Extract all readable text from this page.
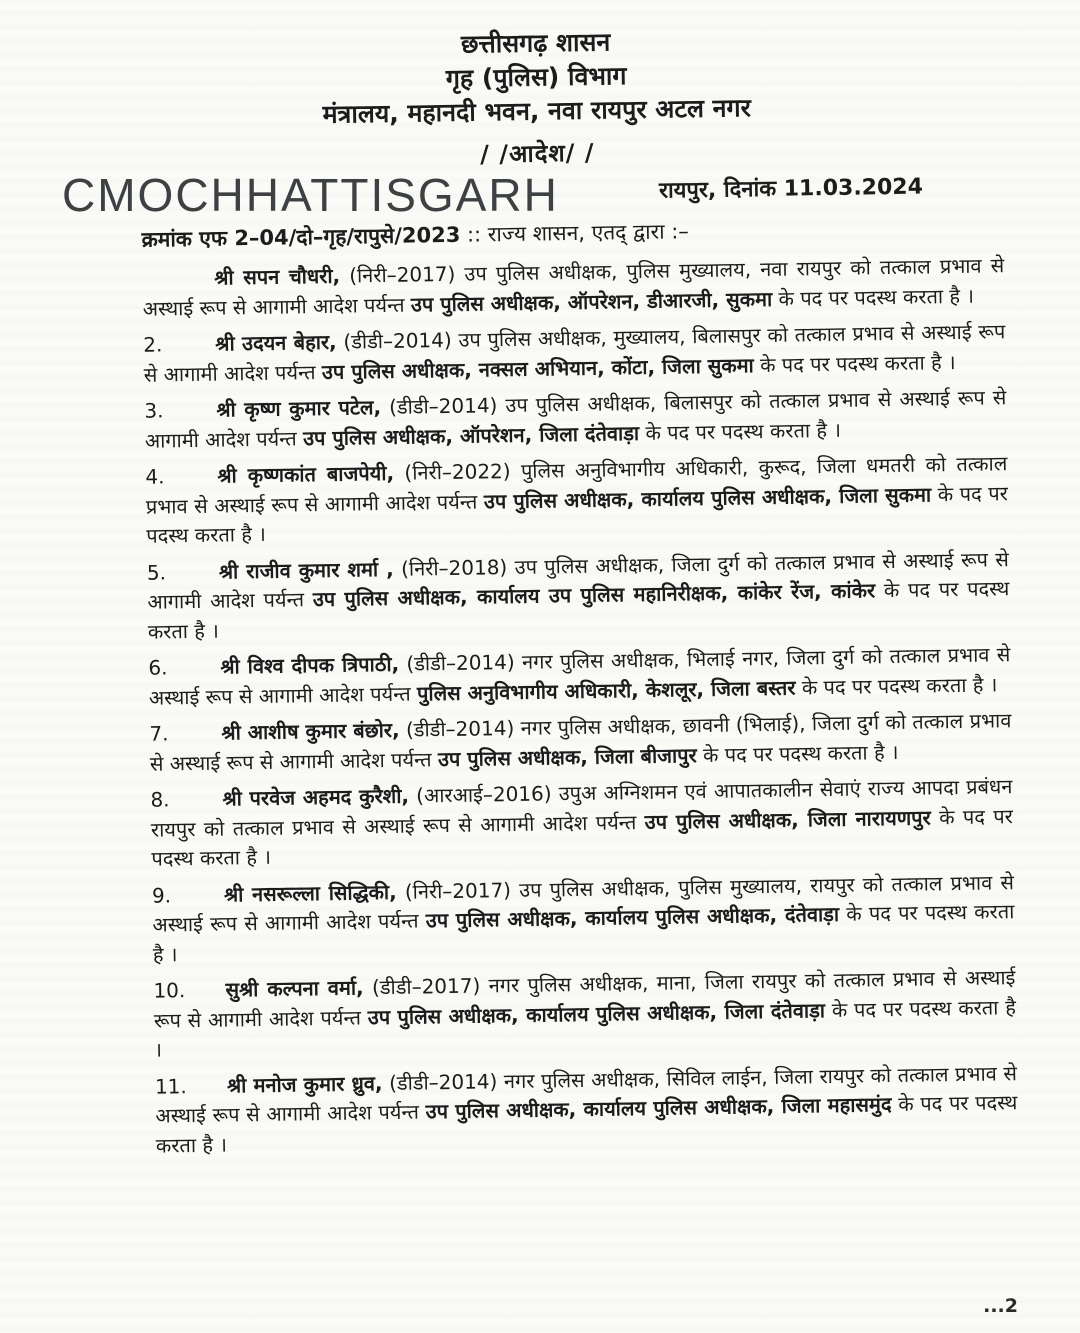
CMOCHHATTISGARH
छत्तीसगढ़ शासन
गृह (पुलिस) विभाग
मंत्रालय, महानदी भवन, नवा रायपुर अटल नगर
/ /आदेश/ /
रायपुर, दिनांक 11.03.2024

क्रमांक एफ 2–04/दो–गृह/रापुसे/2023 :: राज्य शासन, एतद् द्वारा :–

श्री सपन चौधरी, (निरी–2017) उप पुलिस अधीक्षक, पुलिस मुख्यालय, नवा रायपुर को तत्काल प्रभाव से अस्थाई रूप से आगामी आदेश पर्यन्त उप पुलिस अधीक्षक, ऑपरेशन, डीआरजी, सुकमा के पद पर पदस्थ करता है ।

2.	श्री उदयन बेहार, (डीडी–2014) उप पुलिस अधीक्षक, मुख्यालय, बिलासपुर को तत्काल प्रभाव से अस्थाई रूप से आगामी आदेश पर्यन्त उप पुलिस अधीक्षक, नक्सल अभियान, कोंटा, जिला सुकमा के पद पर पदस्थ करता है ।

3.	श्री कृष्ण कुमार पटेल, (डीडी–2014) उप पुलिस अधीक्षक, बिलासपुर को तत्काल प्रभाव से अस्थाई रूप से आगामी आदेश पर्यन्त उप पुलिस अधीक्षक, ऑपरेशन, जिला दंतेवाड़ा के पद पर पदस्थ करता है ।

4.	श्री कृष्णकांत बाजपेयी, (निरी–2022) पुलिस अनुविभागीय अधिकारी, कुरूद, जिला धमतरी को तत्काल प्रभाव से अस्थाई रूप से आगामी आदेश पर्यन्त उप पुलिस अधीक्षक, कार्यालय पुलिस अधीक्षक, जिला सुकमा के पद पर पदस्थ करता है ।

5.	श्री राजीव कुमार शर्मा , (निरी–2018) उप पुलिस अधीक्षक, जिला दुर्ग को तत्काल प्रभाव से अस्थाई रूप से आगामी आदेश पर्यन्त उप पुलिस अधीक्षक, कार्यालय उप पुलिस महानिरीक्षक, कांकेर रेंज, कांकेर के पद पर पदस्थ करता है ।

6.	श्री विश्व दीपक त्रिपाठी, (डीडी–2014) नगर पुलिस अधीक्षक, भिलाई नगर, जिला दुर्ग को तत्काल प्रभाव से अस्थाई रूप से आगामी आदेश पर्यन्त पुलिस अनुविभागीय अधिकारी, केशलूर, जिला बस्तर के पद पर पदस्थ करता है ।

7.	श्री आशीष कुमार बंछोर, (डीडी–2014) नगर पुलिस अधीक्षक, छावनी (भिलाई), जिला दुर्ग को तत्काल प्रभाव से अस्थाई रूप से आगामी आदेश पर्यन्त उप पुलिस अधीक्षक, जिला बीजापुर के पद पर पदस्थ करता है ।

8.	श्री परवेज अहमद कुरैशी, (आरआई–2016) उपुअ अग्निशमन एवं आपातकालीन सेवाएं राज्य आपदा प्रबंधन रायपुर को तत्काल प्रभाव से अस्थाई रूप से आगामी आदेश पर्यन्त उप पुलिस अधीक्षक, जिला नारायणपुर के पद पर पदस्थ करता है ।

9.	श्री नसरूल्ला सिद्धिकी, (निरी–2017) उप पुलिस अधीक्षक, पुलिस मुख्यालय, रायपुर को तत्काल प्रभाव से अस्थाई रूप से आगामी आदेश पर्यन्त उप पुलिस अधीक्षक, कार्यालय पुलिस अधीक्षक, दंतेवाड़ा के पद पर पदस्थ करता है ।

10. सुश्री कल्पना वर्मा, (डीडी–2017) नगर पुलिस अधीक्षक, माना, जिला रायपुर को तत्काल प्रभाव से अस्थाई रूप से आगामी आदेश पर्यन्त उप पुलिस अधीक्षक, कार्यालय पुलिस अधीक्षक, जिला दंतेवाड़ा के पद पर पदस्थ करता है ।

11. श्री मनोज कुमार ध्रुव, (डीडी–2014) नगर पुलिस अधीक्षक, सिविल लाईन, जिला रायपुर को तत्काल प्रभाव से अस्थाई रूप से आगामी आदेश पर्यन्त उप पुलिस अधीक्षक, कार्यालय पुलिस अधीक्षक, जिला महासमुंद के पद पर पदस्थ करता है ।

...2
